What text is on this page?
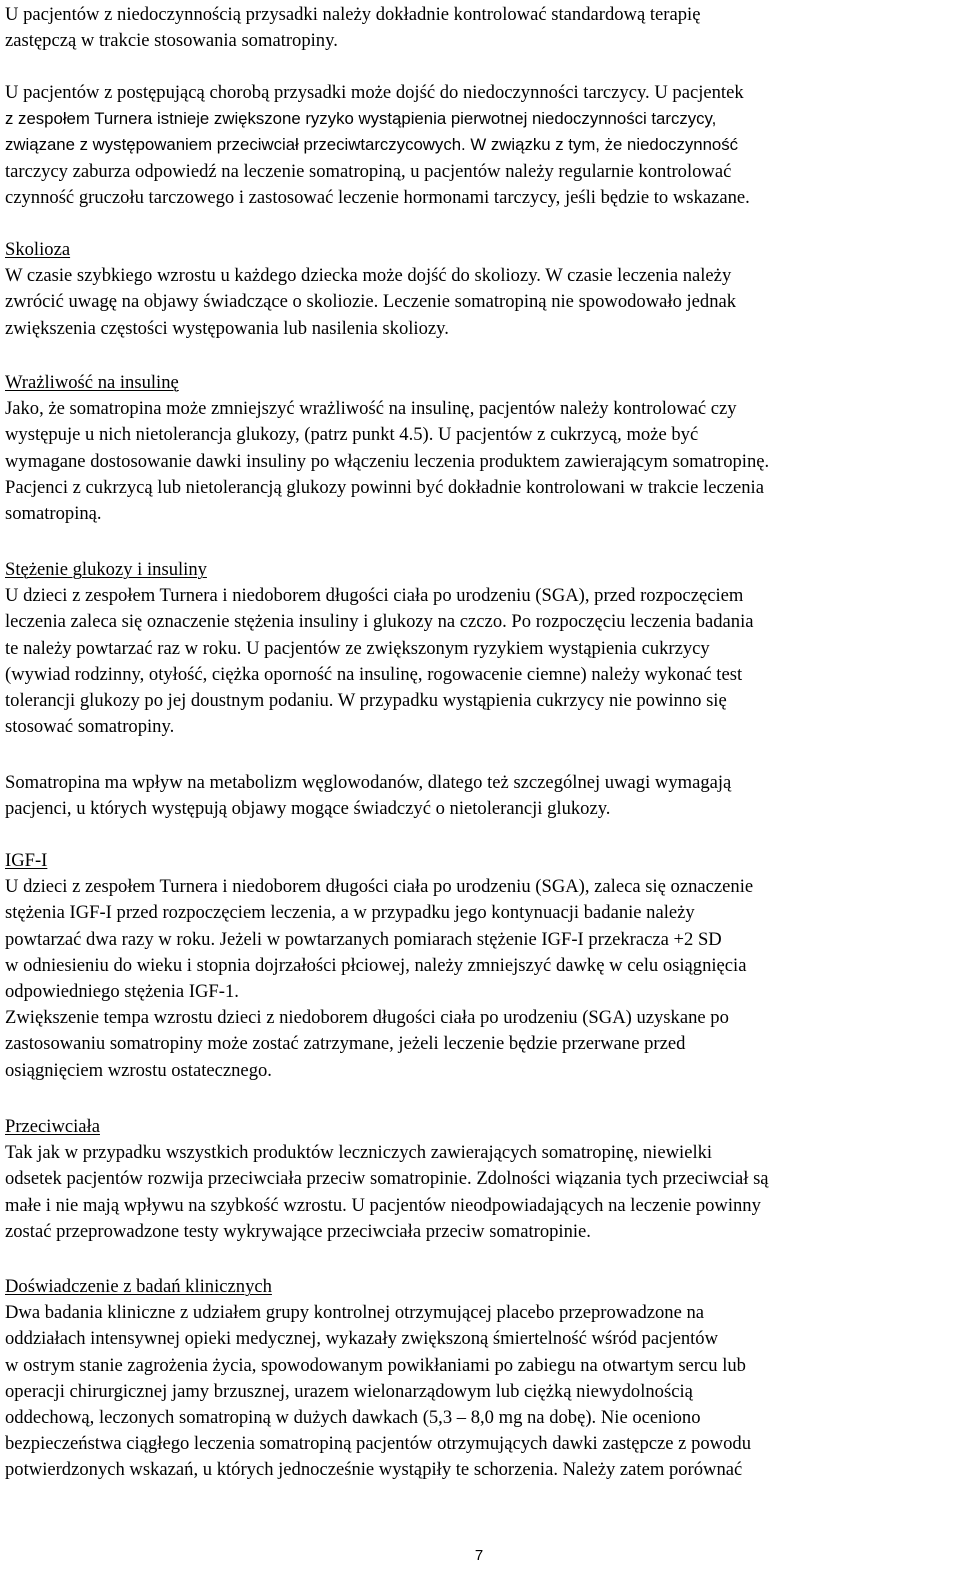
U pacjentów z niedoczynnością przysadki należy dokładnie kontrolować standardową terapię
zastępczą w trakcie stosowania somatropiny.

U pacjentów z postępującą chorobą przysadki może dojść do niedoczynności tarczycy. U pacjentek
z zespołem Turnera istnieje zwiększone ryzyko wystąpienia pierwotnej niedoczynności tarczycy,
związane z występowaniem przeciwciał przeciwtarczycowych. W związku z tym, że niedoczynność
tarczycy zaburza odpowiedź na leczenie somatropiną, u pacjentów należy regularnie kontrolować
czynność gruczołu tarczowego i zastosować leczenie hormonami tarczycy, jeśli będzie to wskazane.

Skolioza

W czasie szybkiego wzrostu u każdego dziecka może dojść do skoliozy. W czasie leczenia należy
zwrócić uwagę na objawy świadczące o skoliozie. Leczenie somatropiną nie spowodowało jednak
zwiększenia częstości występowania lub nasilenia skoliozy.

Wrażliwość na insulinę

Jako, że somatropina może zmniejszyć wrażliwość na insulinę, pacjentów należy kontrolować czy
występuje u nich nietolerancja glukozy, (patrz punkt 4.5). U pacjentów z cukrzycą, może być
wymagane dostosowanie dawki insuliny po włączeniu leczenia produktem zawierającym somatropinę.
Pacjenci z cukrzycą lub nietolerancją glukozy powinni być dokładnie kontrolowani w trakcie leczenia
somatropiną.

Stężenie glukozy i insuliny

U dzieci z zespołem Turnera i niedoborem długości ciała po urodzeniu (SGA), przed rozpoczęciem
leczenia zaleca się oznaczenie stężenia insuliny i glukozy na czczo. Po rozpoczęciu leczenia badania
te należy powtarzać raz w roku. U pacjentów ze zwiększonym ryzykiem wystąpienia cukrzycy
(wywiad rodzinny, otyłość, ciężka oporność na insulinę, rogowacenie ciemne) należy wykonać test
tolerancji glukozy po jej doustnym podaniu. W przypadku wystąpienia cukrzycy nie powinno się
stosować somatropiny.

Somatropina ma wpływ na metabolizm węglowodanów, dlatego też szczególnej uwagi wymagają
pacjenci, u których występują objawy mogące świadczyć o nietolerancji glukozy.

IGF-I

U dzieci z zespołem Turnera i niedoborem długości ciała po urodzeniu (SGA), zaleca się oznaczenie
stężenia IGF-I przed rozpoczęciem leczenia, a w przypadku jego kontynuacji badanie należy
powtarzać dwa razy w roku. Jeżeli w powtarzanych pomiarach stężenie IGF-I przekracza +2 SD
w odniesieniu do wieku i stopnia dojrzałości płciowej, należy zmniejszyć dawkę w celu osiągnięcia
odpowiedniego stężenia IGF-1.
Zwiększenie tempa wzrostu dzieci z niedoborem długości ciała po urodzeniu (SGA) uzyskane po
zastosowaniu somatropiny może zostać zatrzymane, jeżeli leczenie będzie przerwane przed
osiągnięciem wzrostu ostatecznego.

Przeciwciała

Tak jak w przypadku wszystkich produktów leczniczych zawierających somatropinę, niewielki
odsetek pacjentów rozwija przeciwciała przeciw somatropinie. Zdolności wiązania tych przeciwciał są
małe i nie mają wpływu na szybkość wzrostu. U pacjentów nieodpowiadających na leczenie powinny
zostać przeprowadzone testy wykrywające przeciwciała przeciw somatropinie.

Doświadczenie z badań klinicznych

Dwa badania kliniczne z udziałem grupy kontrolnej otrzymującej placebo przeprowadzone na
oddziałach intensywnej opieki medycznej, wykazały zwiększoną śmiertelność wśród pacjentów
w ostrym stanie zagrożenia życia, spowodowanym powikłaniami po zabiegu na otwartym sercu lub
operacji chirurgicznej jamy brzusznej, urazem wielonarządowym lub ciężką niewydolnością
oddechową, leczonych somatropiną w dużych dawkach (5,3 – 8,0 mg na dobę). Nie oceniono
bezpieczeństwa ciągłego leczenia somatropiną pacjentów otrzymujących dawki zastępcze z powodu
potwierdzonych wskazań, u których jednocześnie wystąpiły te schorzenia. Należy zatem porównać

7
